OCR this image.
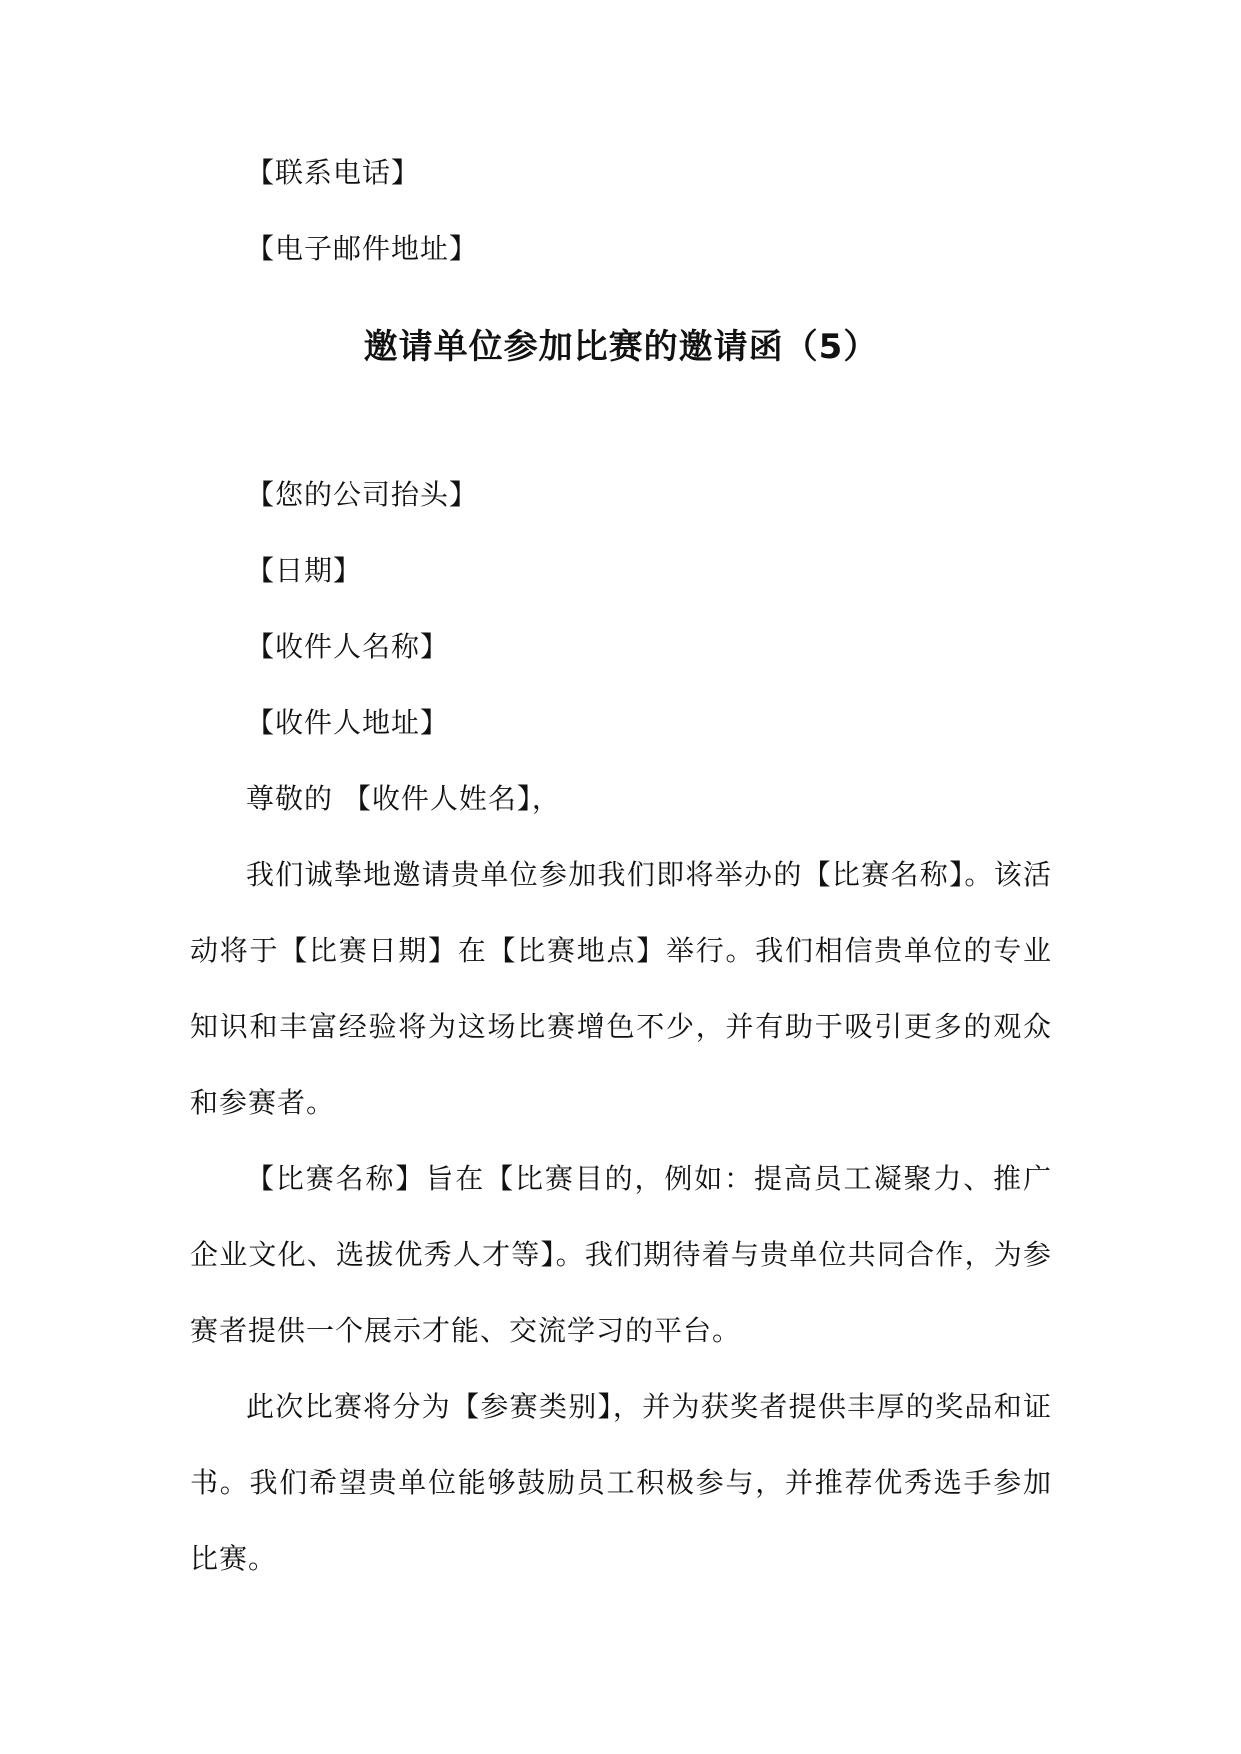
【联系电话】

【电子邮件地址】

邀请单位参加比赛的邀请函（5）

【您的公司抬头】

【日期】

【收件人名称】

【收件人地址】

尊敬的 【收件人姓名】，

我们诚挚地邀请贵单位参加我们即将举办的【比赛名称】。该活动将于【比赛日期】在【比赛地点】举行。我们相信贵单位的专业知识和丰富经验将为这场比赛增色不少，并有助于吸引更多的观众和参赛者。

【比赛名称】旨在【比赛目的，例如：提高员工凝聚力、推广企业文化、选拔优秀人才等】。我们期待着与贵单位共同合作，为参赛者提供一个展示才能、交流学习的平台。

此次比赛将分为【参赛类别】，并为获奖者提供丰厚的奖品和证书。我们希望贵单位能够鼓励员工积极参与，并推荐优秀选手参加比赛。
